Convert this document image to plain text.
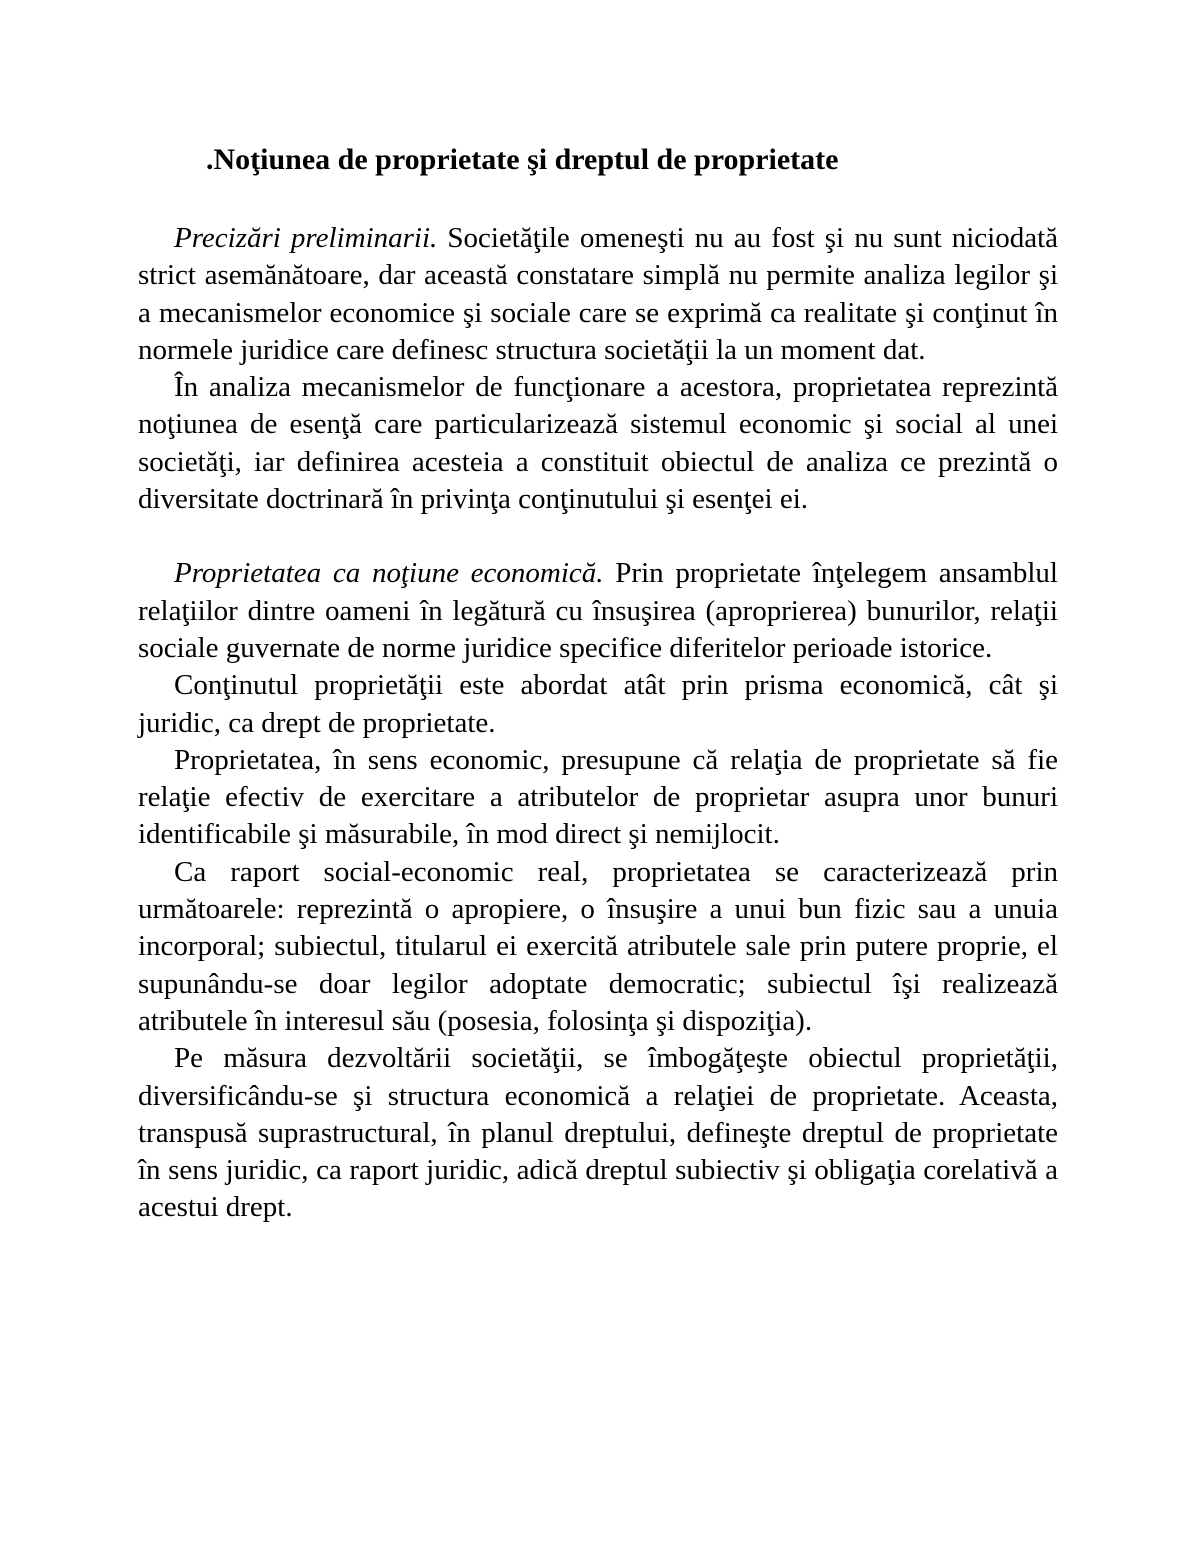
.Noţiunea de proprietate şi dreptul de proprietate

Precizări preliminarii. Societăţile omeneşti nu au fost şi nu sunt niciodată strict asemănătoare, dar această constatare simplă nu permite analiza legilor şi a mecanismelor economice şi sociale care se exprimă ca realitate şi conţinut în normele juridice care definesc structura societăţii la un moment dat.

În analiza mecanismelor de funcţionare a acestora, proprietatea reprezintă noţiunea de esenţă care particularizează sistemul economic şi social al unei societăţi, iar definirea acesteia a constituit obiectul de analiza ce prezintă o diversitate doctrinară în privinţa conţinutului şi esenţei ei.

Proprietatea ca noţiune economică. Prin proprietate înţelegem ansamblul relaţiilor dintre oameni în legătură cu însuşirea (aproprierea) bunurilor, relaţii sociale guvernate de norme juridice specifice diferitelor perioade istorice.

Conţinutul proprietăţii este abordat atât prin prisma economică, cât şi juridic, ca drept de proprietate.

Proprietatea, în sens economic, presupune că relaţia de proprietate să fie relaţie efectiv de exercitare a atributelor de proprietar asupra unor bunuri identificabile şi măsurabile, în mod direct şi nemijlocit.

Ca raport social-economic real, proprietatea se caracterizează prin următoarele: reprezintă o apropiere, o însuşire a unui bun fizic sau a unuia incorporal; subiectul, titularul ei exercită atributele sale prin putere proprie, el supunându-se doar legilor adoptate democratic; subiectul îşi realizează atributele în interesul său (posesia, folosinţa şi dispoziţia).

Pe măsura dezvoltării societăţii, se îmbogăţeşte obiectul proprietăţii, diversificându-se şi structura economică a relaţiei de proprietate. Aceasta, transpusă suprastructural, în planul dreptului, defineşte dreptul de proprietate în sens juridic, ca raport juridic, adică dreptul subiectiv şi obligaţia corelativă a acestui drept.
